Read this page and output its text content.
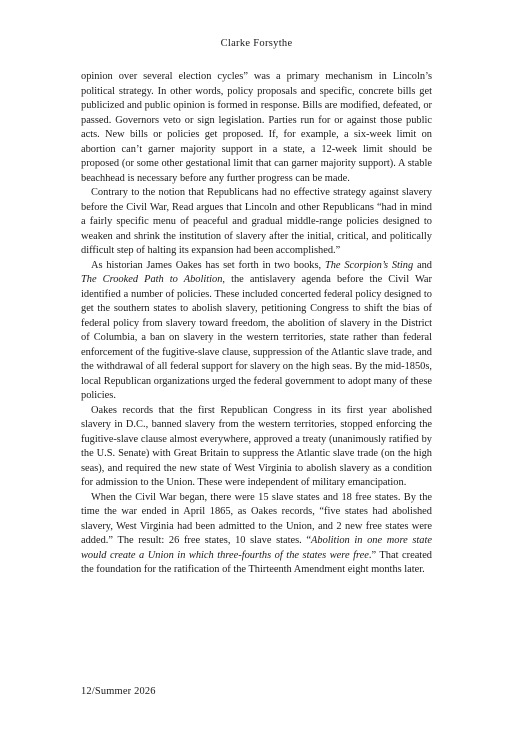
Clarke Forsythe

opinion over several election cycles” was a primary mechanism in Lincoln’s political strategy. In other words, policy proposals and specific, concrete bills get publicized and public opinion is formed in response. Bills are modified, defeated, or passed. Governors veto or sign legislation. Parties run for or against those public acts. New bills or policies get proposed. If, for example, a six-week limit on abortion can’t garner majority support in a state, a 12-week limit should be proposed (or some other gestational limit that can garner majority support). A stable beachhead is necessary before any further progress can be made.

Contrary to the notion that Republicans had no effective strategy against slavery before the Civil War, Read argues that Lincoln and other Republicans “had in mind a fairly specific menu of peaceful and gradual middle-range policies designed to weaken and shrink the institution of slavery after the initial, critical, and politically difficult step of halting its expansion had been accomplished.”

As historian James Oakes has set forth in two books, The Scorpion’s Sting and The Crooked Path to Abolition, the antislavery agenda before the Civil War identified a number of policies. These included concerted federal policy designed to get the southern states to abolish slavery, petitioning Congress to shift the bias of federal policy from slavery toward freedom, the abolition of slavery in the District of Columbia, a ban on slavery in the western territories, state rather than federal enforcement of the fugitive-slave clause, suppression of the Atlantic slave trade, and the withdrawal of all federal support for slavery on the high seas. By the mid-1850s, local Republican organizations urged the federal government to adopt many of these policies.

Oakes records that the first Republican Congress in its first year abolished slavery in D.C., banned slavery from the western territories, stopped enforcing the fugitive-slave clause almost everywhere, approved a treaty (unanimously ratified by the U.S. Senate) with Great Britain to suppress the Atlantic slave trade (on the high seas), and required the new state of West Virginia to abolish slavery as a condition for admission to the Union. These were independent of military emancipation.

When the Civil War began, there were 15 slave states and 18 free states. By the time the war ended in April 1865, as Oakes records, “five states had abolished slavery, West Virginia had been admitted to the Union, and 2 new free states were added.” The result: 26 free states, 10 slave states. “Abolition in one more state would create a Union in which three-fourths of the states were free.” That created the foundation for the ratification of the Thirteenth Amendment eight months later.

12/Summer 2026
